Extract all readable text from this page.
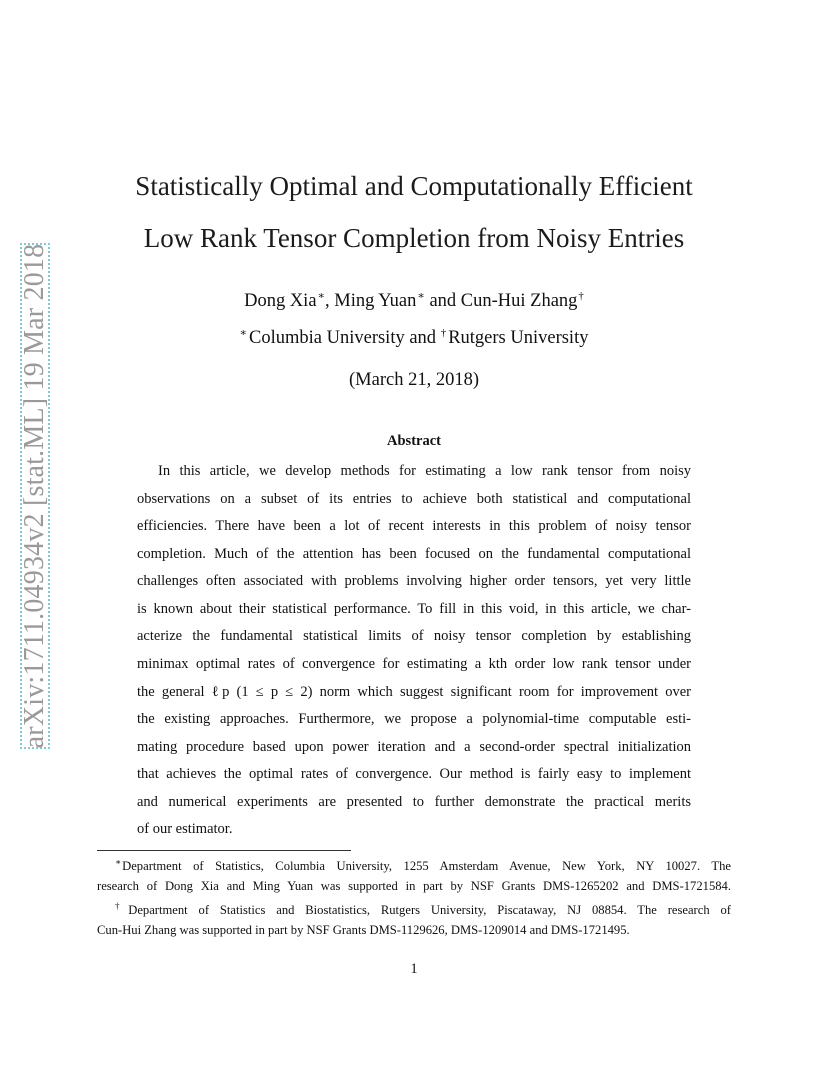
arXiv:1711.04934v2 [stat.ML] 19 Mar 2018
Statistically Optimal and Computationally Efficient
Low Rank Tensor Completion from Noisy Entries
Dong Xia∗, Ming Yuan∗ and Cun-Hui Zhang†
∗ Columbia University and † Rutgers University
(March 21, 2018)
Abstract
In this article, we develop methods for estimating a low rank tensor from noisy
observations on a subset of its entries to achieve both statistical and computational
efficiencies. There have been a lot of recent interests in this problem of noisy tensor
completion. Much of the attention has been focused on the fundamental computational
challenges often associated with problems involving higher order tensors, yet very little
is known about their statistical performance. To fill in this void, in this article, we char-
acterize the fundamental statistical limits of noisy tensor completion by establishing
minimax optimal rates of convergence for estimating a kth order low rank tensor under
the general ℓp (1 ≤ p ≤ 2) norm which suggest significant room for improvement over
the existing approaches. Furthermore, we propose a polynomial-time computable esti-
mating procedure based upon power iteration and a second-order spectral initialization
that achieves the optimal rates of convergence. Our method is fairly easy to implement
and numerical experiments are presented to further demonstrate the practical merits
of our estimator.
∗Department of Statistics, Columbia University, 1255 Amsterdam Avenue, New York, NY 10027. The
research of Dong Xia and Ming Yuan was supported in part by NSF Grants DMS-1265202 and DMS-1721584.
†Department of Statistics and Biostatistics, Rutgers University, Piscataway, NJ 08854. The research of
Cun-Hui Zhang was supported in part by NSF Grants DMS-1129626, DMS-1209014 and DMS-1721495.
1
